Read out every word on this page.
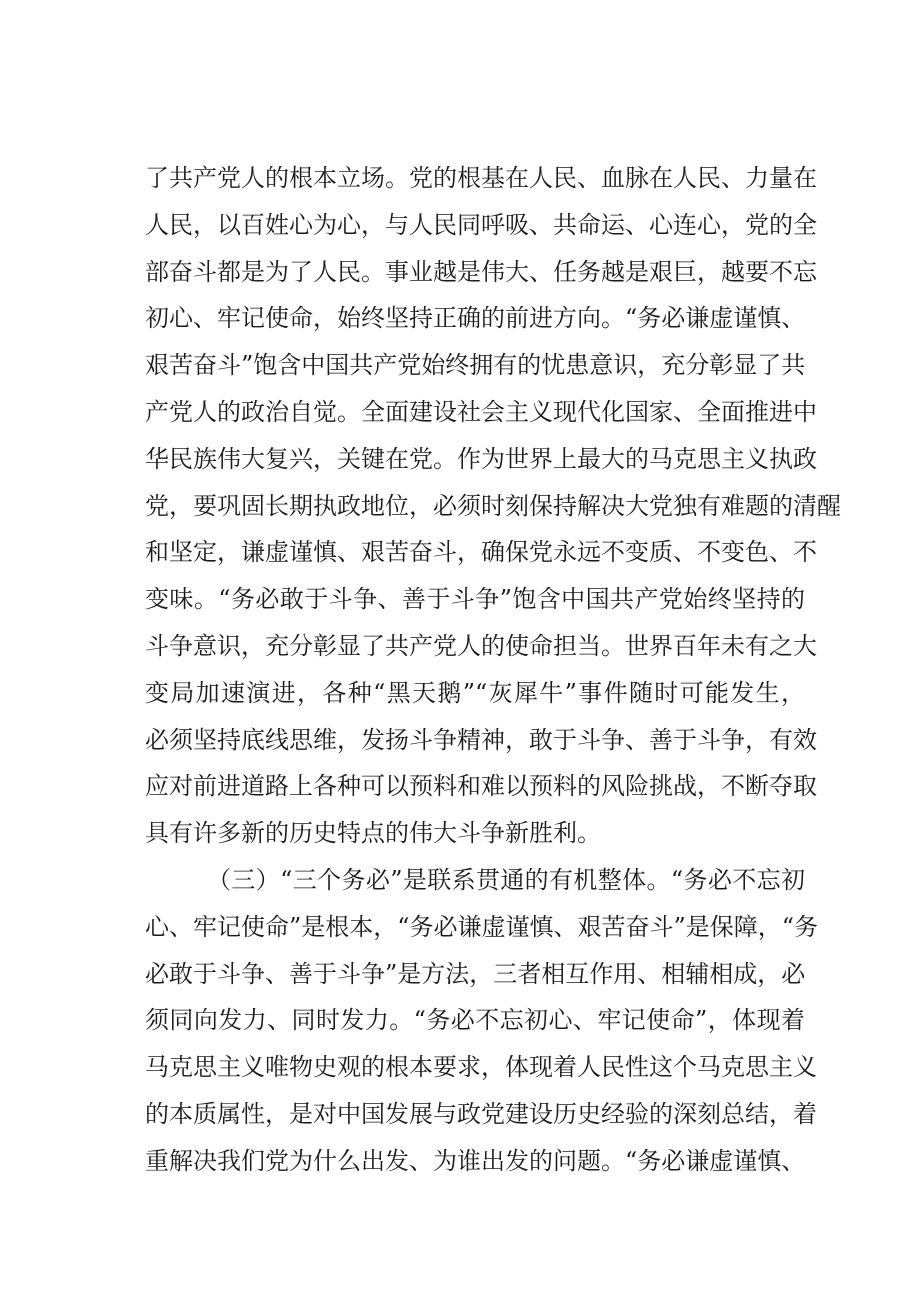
了共产党人的根本立场。党的根基在人民、血脉在人民、力量在
人民，以百姓心为心，与人民同呼吸、共命运、心连心，党的全
部奋斗都是为了人民。事业越是伟大、任务越是艰巨，越要不忘
初心、牢记使命，始终坚持正确的前进方向。“务必谦虚谨慎、
艰苦奋斗”饱含中国共产党始终拥有的忧患意识，充分彰显了共
产党人的政治自觉。全面建设社会主义现代化国家、全面推进中
华民族伟大复兴，关键在党。作为世界上最大的马克思主义执政
党，要巩固长期执政地位，必须时刻保持解决大党独有难题的清醒
和坚定，谦虚谨慎、艰苦奋斗，确保党永远不变质、不变色、不
变味。“务必敢于斗争、善于斗争”饱含中国共产党始终坚持的
斗争意识，充分彰显了共产党人的使命担当。世界百年未有之大
变局加速演进，各种“黑天鹅”“灰犀牛”事件随时可能发生，
必须坚持底线思维，发扬斗争精神，敢于斗争、善于斗争，有效
应对前进道路上各种可以预料和难以预料的风险挑战，不断夺取
具有许多新的历史特点的伟大斗争新胜利。
（三）“三个务必”是联系贯通的有机整体。“务必不忘初
心、牢记使命”是根本，“务必谦虚谨慎、艰苦奋斗”是保障，“务
必敢于斗争、善于斗争”是方法，三者相互作用、相辅相成，必
须同向发力、同时发力。“务必不忘初心、牢记使命”，体现着
马克思主义唯物史观的根本要求，体现着人民性这个马克思主义
的本质属性，是对中国发展与政党建设历史经验的深刻总结，着
重解决我们党为什么出发、为谁出发的问题。“务必谦虚谨慎、
